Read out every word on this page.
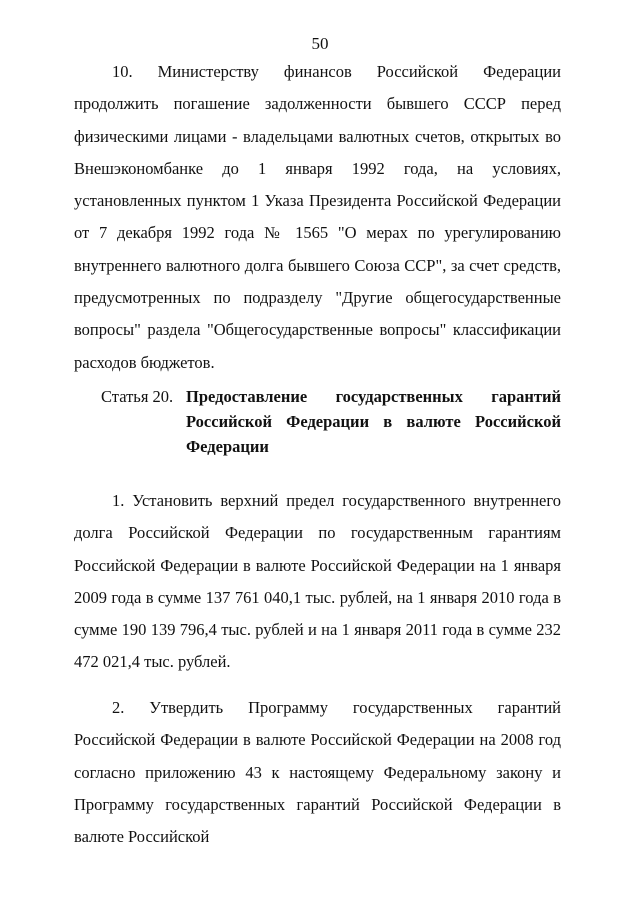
50

10. Министерству финансов Российской Федерации продолжить погашение задолженности бывшего СССР перед физическими лицами - владельцами валютных счетов, открытых во Внешэкономбанке до 1 января 1992 года, на условиях, установленных пунктом 1 Указа Президента Российской Федерации от 7 декабря 1992 года № 1565 "О мерах по урегулированию внутреннего валютного долга бывшего Союза ССР", за счет средств, предусмотренных по подразделу "Другие общегосударственные вопросы" раздела "Общегосударственные вопросы" классификации расходов бюджетов.

Статья 20. Предоставление государственных гарантий Российской Федерации в валюте Российской Федерации

1. Установить верхний предел государственного внутреннего долга Российской Федерации по государственным гарантиям Российской Федерации в валюте Российской Федерации на 1 января 2009 года в сумме 137 761 040,1 тыс. рублей, на 1 января 2010 года в сумме 190 139 796,4 тыс. рублей и на 1 января 2011 года в сумме 232 472 021,4 тыс. рублей.

2. Утвердить Программу государственных гарантий Российской Федерации в валюте Российской Федерации на 2008 год согласно приложению 43 к настоящему Федеральному закону и Программу государственных гарантий Российской Федерации в валюте Российской
